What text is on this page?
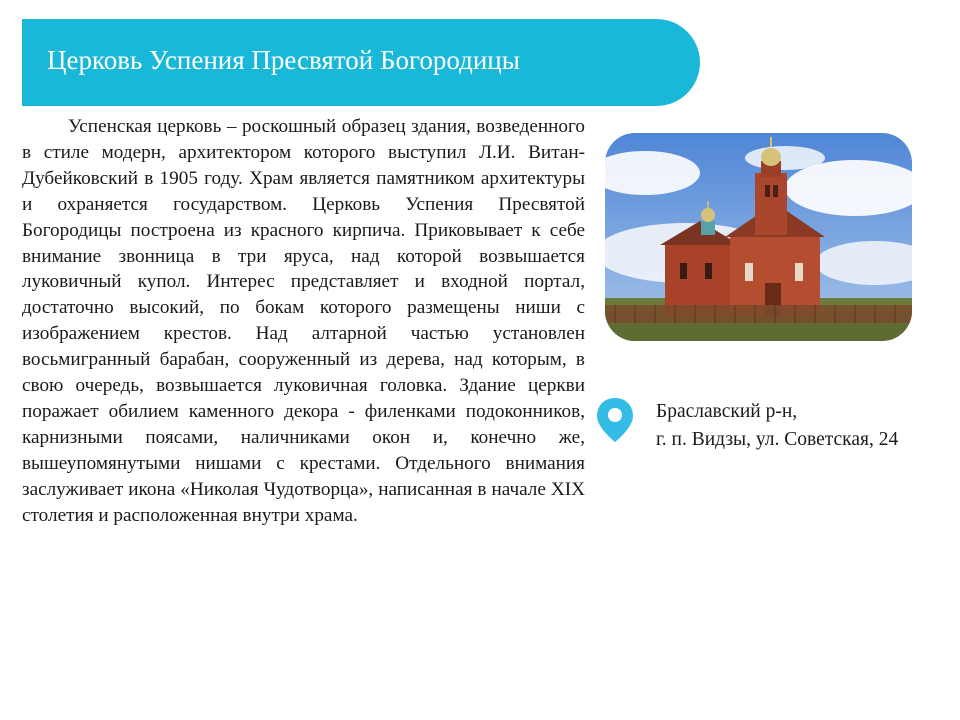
Церковь Успения Пресвятой Богородицы

Успенская церковь – роскошный образец здания, возведенного в стиле модерн, архитектором которого выступил Л.И. Витан-Дубейковский в 1905 году. Храм является памятником архитектуры и охраняется государством. Церковь Успения Пресвятой Богородицы построена из красного кирпича. Приковывает к себе внимание звонница в три яруса, над которой возвышается луковичный купол. Интерес представляет и входной портал, достаточно высокий, по бокам которого размещены ниши с изображением крестов. Над алтарной частью установлен восьмигранный барабан, сооруженный из дерева, над которым, в свою очередь, возвышается луковичная головка. Здание церкви поражает обилием каменного декора - филенками подоконников, карнизными поясами, наличниками окон и, конечно же, вышеупомянутыми нишами с крестами. Отдельного внимания заслуживает икона «Николая Чудотворца», написанная в начале XIX столетия и расположенная внутри храма.

Браславский р-н,
г. п. Видзы, ул. Советская, 24
